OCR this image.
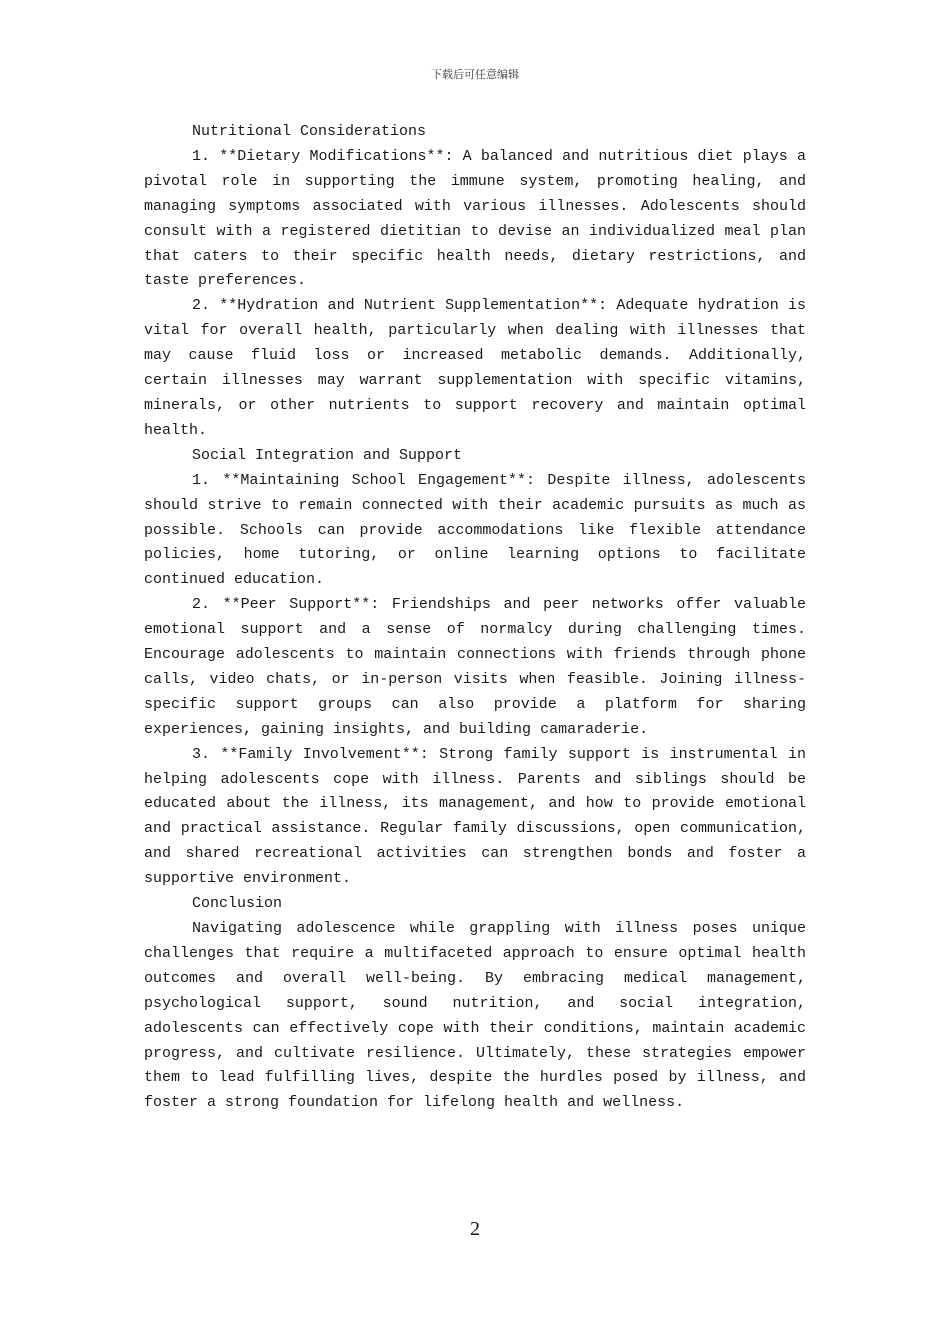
下载后可任意编辑

Nutritional Considerations

1. **Dietary Modifications**: A balanced and nutritious diet plays a pivotal role in supporting the immune system, promoting healing, and managing symptoms associated with various illnesses. Adolescents should consult with a registered dietitian to devise an individualized meal plan that caters to their specific health needs, dietary restrictions, and taste preferences.

2. **Hydration and Nutrient Supplementation**: Adequate hydration is vital for overall health, particularly when dealing with illnesses that may cause fluid loss or increased metabolic demands. Additionally, certain illnesses may warrant supplementation with specific vitamins, minerals, or other nutrients to support recovery and maintain optimal health.

Social Integration and Support

1. **Maintaining School Engagement**: Despite illness, adolescents should strive to remain connected with their academic pursuits as much as possible. Schools can provide accommodations like flexible attendance policies, home tutoring, or online learning options to facilitate continued education.

2. **Peer Support**: Friendships and peer networks offer valuable emotional support and a sense of normalcy during challenging times. Encourage adolescents to maintain connections with friends through phone calls, video chats, or in-person visits when feasible. Joining illness-specific support groups can also provide a platform for sharing experiences, gaining insights, and building camaraderie.

3. **Family Involvement**: Strong family support is instrumental in helping adolescents cope with illness. Parents and siblings should be educated about the illness, its management, and how to provide emotional and practical assistance. Regular family discussions, open communication, and shared recreational activities can strengthen bonds and foster a supportive environment.

Conclusion

Navigating adolescence while grappling with illness poses unique challenges that require a multifaceted approach to ensure optimal health outcomes and overall well-being. By embracing medical management, psychological support, sound nutrition, and social integration, adolescents can effectively cope with their conditions, maintain academic progress, and cultivate resilience. Ultimately, these strategies empower them to lead fulfilling lives, despite the hurdles posed by illness, and foster a strong foundation for lifelong health and wellness.

2
